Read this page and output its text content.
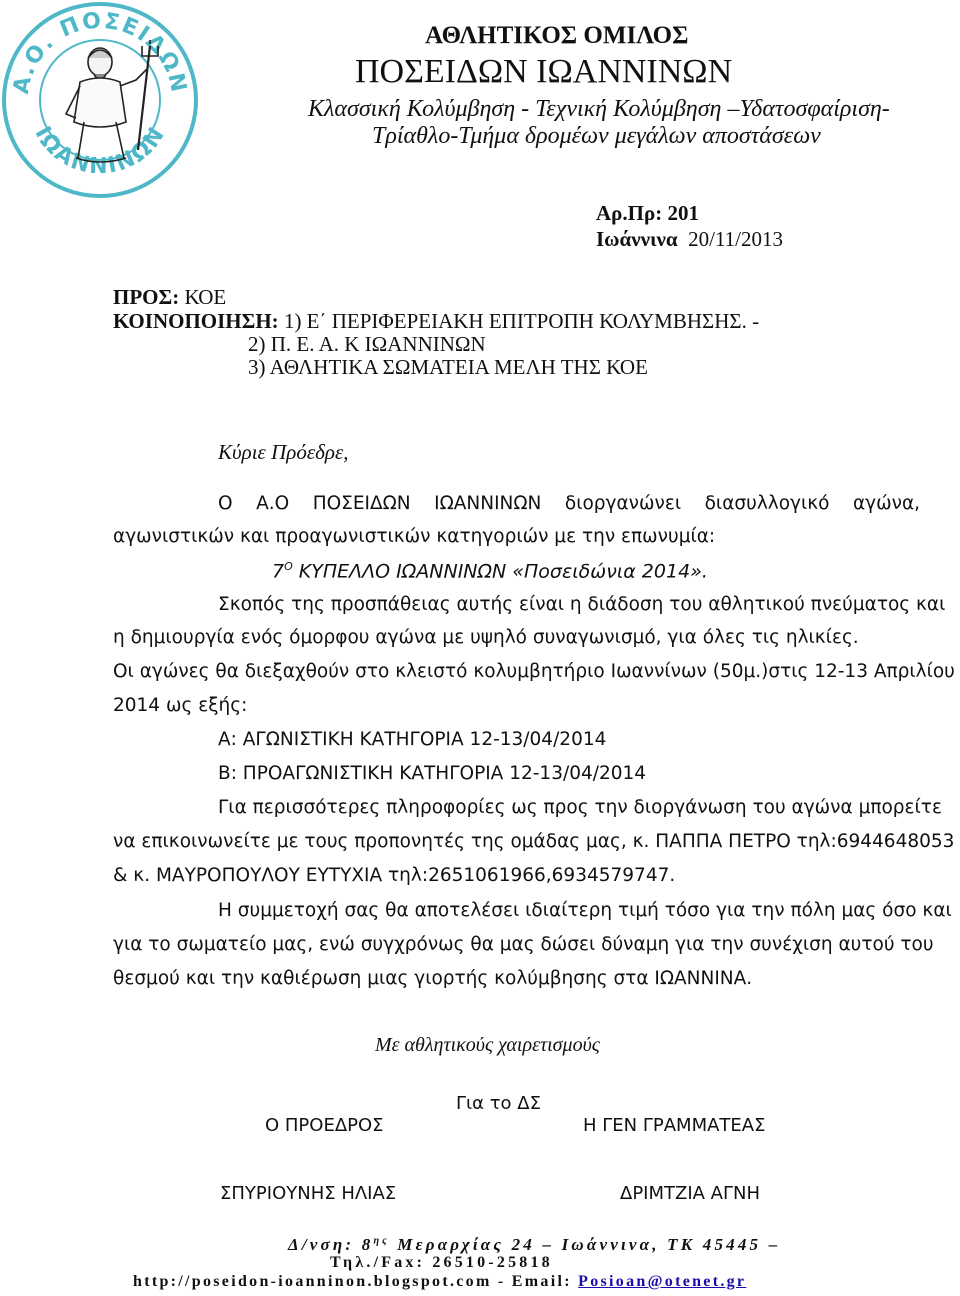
Α.Ο. ΠΟΣΕΙΔΩΝ
ΙΩΑΝΝΙΝΩΝ
ΑΘΛΗΤΙΚΟΣ ΟΜΙΛΟΣ
ΠΟΣΕΙΔΩΝ ΙΩΑΝΝΙΝΩΝ
Κλασσική Κολύμβηση - Τεχνική Κολύμβηση –Υδατοσφαίριση-
Τρίαθλο-Τμήμα δρομέων μεγάλων αποστάσεων
Αρ.Πρ: 201
Ιωάννινα 20/11/2013
ΠΡΟΣ: ΚΟΕ
ΚΟΙΝΟΠΟΙΗΣΗ: 1) Ε΄ ΠΕΡΙΦΕΡΕΙΑΚΗ ΕΠΙΤΡΟΠΗ ΚΟΛΥΜΒΗΣΗΣ. -
2) Π. Ε. Α. Κ ΙΩΑΝΝΙΝΩΝ
3) ΑΘΛΗΤΙΚΑ ΣΩΜΑΤΕΙΑ ΜΕΛΗ ΤΗΣ ΚΟΕ
Κύριε Πρόεδρε,
Ο    Α.Ο    ΠΟΣΕΙΔΩΝ    ΙΩΑΝΝΙΝΩΝ    διοργανώνει    διασυλλογικό    αγώνα,
αγωνιστικών και προαγωνιστικών κατηγοριών με την επωνυμία:
$7^O$ ΚΥΠΕΛΛΟ ΙΩΑΝΝΙΝΩΝ «Ποσειδώνια 2014».
Σκοπός της προσπάθειας αυτής είναι η διάδοση του αθλητικού πνεύματος και
η δημιουργία ενός όμορφου αγώνα με υψηλό συναγωνισμό, για όλες τις ηλικίες.
Οι αγώνες θα διεξαχθούν στο κλειστό κολυμβητήριο Ιωαννίνων (50μ.)στις 12-13 Απριλίου
2014 ως εξής:
Α: ΑΓΩΝΙΣΤΙΚΗ ΚΑΤΗΓΟΡΙΑ 12-13/04/2014
Β: ΠΡΟΑΓΩΝΙΣΤΙΚΗ ΚΑΤΗΓΟΡΙΑ 12-13/04/2014
Για περισσότερες πληροφορίες ως προς την διοργάνωση του αγώνα μπορείτε
να επικοινωνείτε με τους προπονητές της ομάδας μας, κ. ΠΑΠΠΑ ΠΕΤΡΟ τηλ:6944648053
& κ. ΜΑΥΡΟΠΟΥΛΟΥ ΕΥΤΥΧΙΑ τηλ:2651061966,6934579747.
Η συμμετοχή σας θα αποτελέσει ιδιαίτερη τιμή τόσο για την πόλη μας όσο και
για το σωματείο μας, ενώ συγχρόνως θα μας δώσει δύναμη για την συνέχιση αυτού του
θεσμού και την καθιέρωση μιας γιορτής κολύμβησης στα ΙΩΑΝΝΙΝΑ.
Με αθλητικούς χαιρετισμούς
Για το ΔΣ
Ο ΠΡΟΕΔΡΟΣ	Η ΓΕΝ ΓΡΑΜΜΑΤΕΑΣ
ΣΠΥΡΙΟΥΝΗΣ ΗΛΙΑΣ	ΔΡΙΜΤΖΙΑ ΑΓΝΗ
Δ/νση: $8^{\eta\varsigma}$ Μεραρχίας 24 – Ιωάννινα, ΤΚ 45445 –
Τηλ./Fax: 26510-25818
http://poseidon-ioanninon.blogspot.com - Email: Posioan@otenet.gr
